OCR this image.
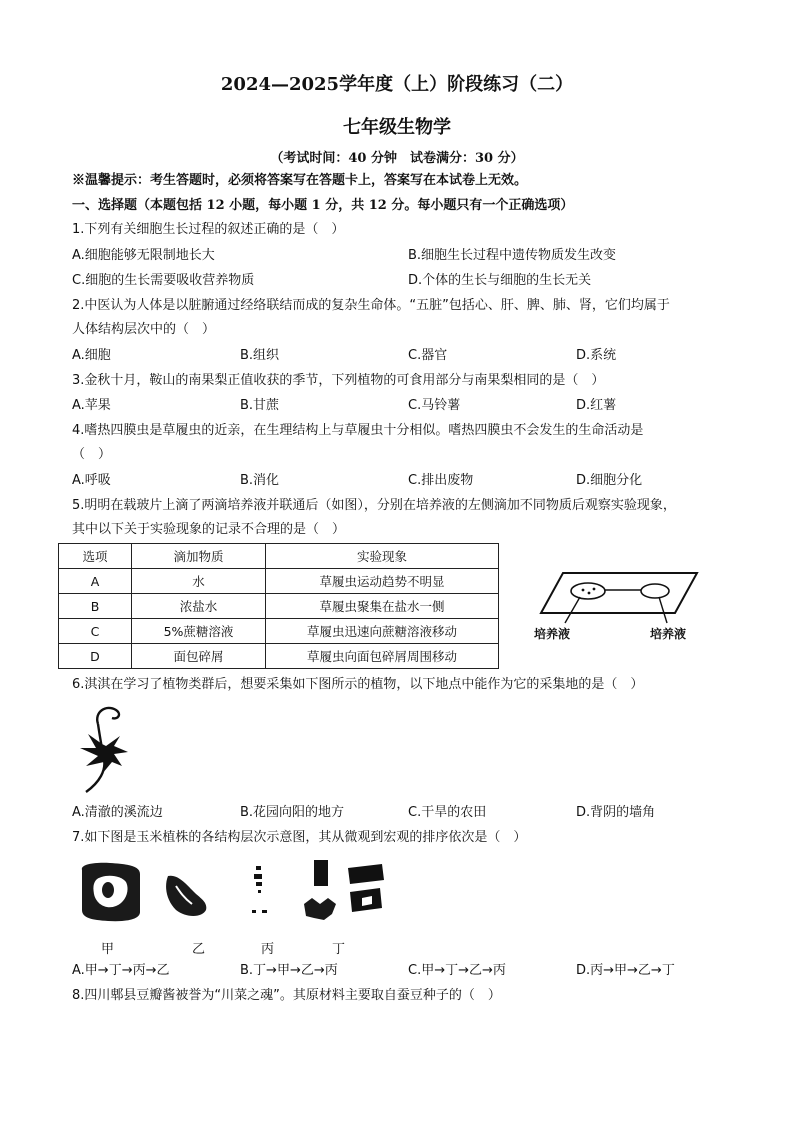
2024—2025学年度（上）阶段练习（二）
七年级生物学
（考试时间：40 分钟　试卷满分：30 分）
※温馨提示：考生答题时，必须将答案写在答题卡上，答案写在本试卷上无效。
一、选择题（本题包括 12 小题，每小题 1 分，共 12 分。每小题只有一个正确选项）
1.下列有关细胞生长过程的叙述正确的是（　）
A.细胞能够无限制地长大	B.细胞生长过程中遗传物质发生改变
C.细胞的生长需要吸收营养物质	D.个体的生长与细胞的生长无关
2.中医认为人体是以脏腑通过经络联结而成的复杂生命体。“五脏”包括心、肝、脾、肺、肾，它们均属于
人体结构层次中的（　）
A.细胞	B.组织	C.器官	D.系统
3.金秋十月，鞍山的南果梨正值收获的季节，下列植物的可食用部分与南果梨相同的是（　）
A.苹果	B.甘蔗	C.马铃薯	D.红薯
4.嗜热四膜虫是草履虫的近亲，在生理结构上与草履虫十分相似。嗜热四膜虫不会发生的生命活动是
（　）
A.呼吸	B.消化	C.排出废物	D.细胞分化
5.明明在载玻片上滴了两滴培养液并联通后（如图），分别在培养液的左侧滴加不同物质后观察实验现象，
其中以下关于实验现象的记录不合理的是（　）
选项	滴加物质	实验现象
A	水	草履虫运动趋势不明显
B	浓盐水	草履虫聚集在盐水一侧
C	5%蔗糖溶液	草履虫迅速向蔗糖溶液移动
D	面包碎屑	草履虫向面包碎屑周围移动
培养液	培养液
6.淇淇在学习了植物类群后，想要采集如下图所示的植物，以下地点中能作为它的采集地的是（　）
A.清澈的溪流边	B.花园向阳的地方	C.干旱的农田	D.背阴的墙角
7.如下图是玉米植株的各结构层次示意图，其从微观到宏观的排序依次是（　）
甲	乙	丙	丁
A.甲→丁→丙→乙	B.丁→甲→乙→丙	C.甲→丁→乙→丙	D.丙→甲→乙→丁
8.四川郫县豆瓣酱被誉为“川菜之魂”。其原材料主要取自蚕豆种子的（　）
